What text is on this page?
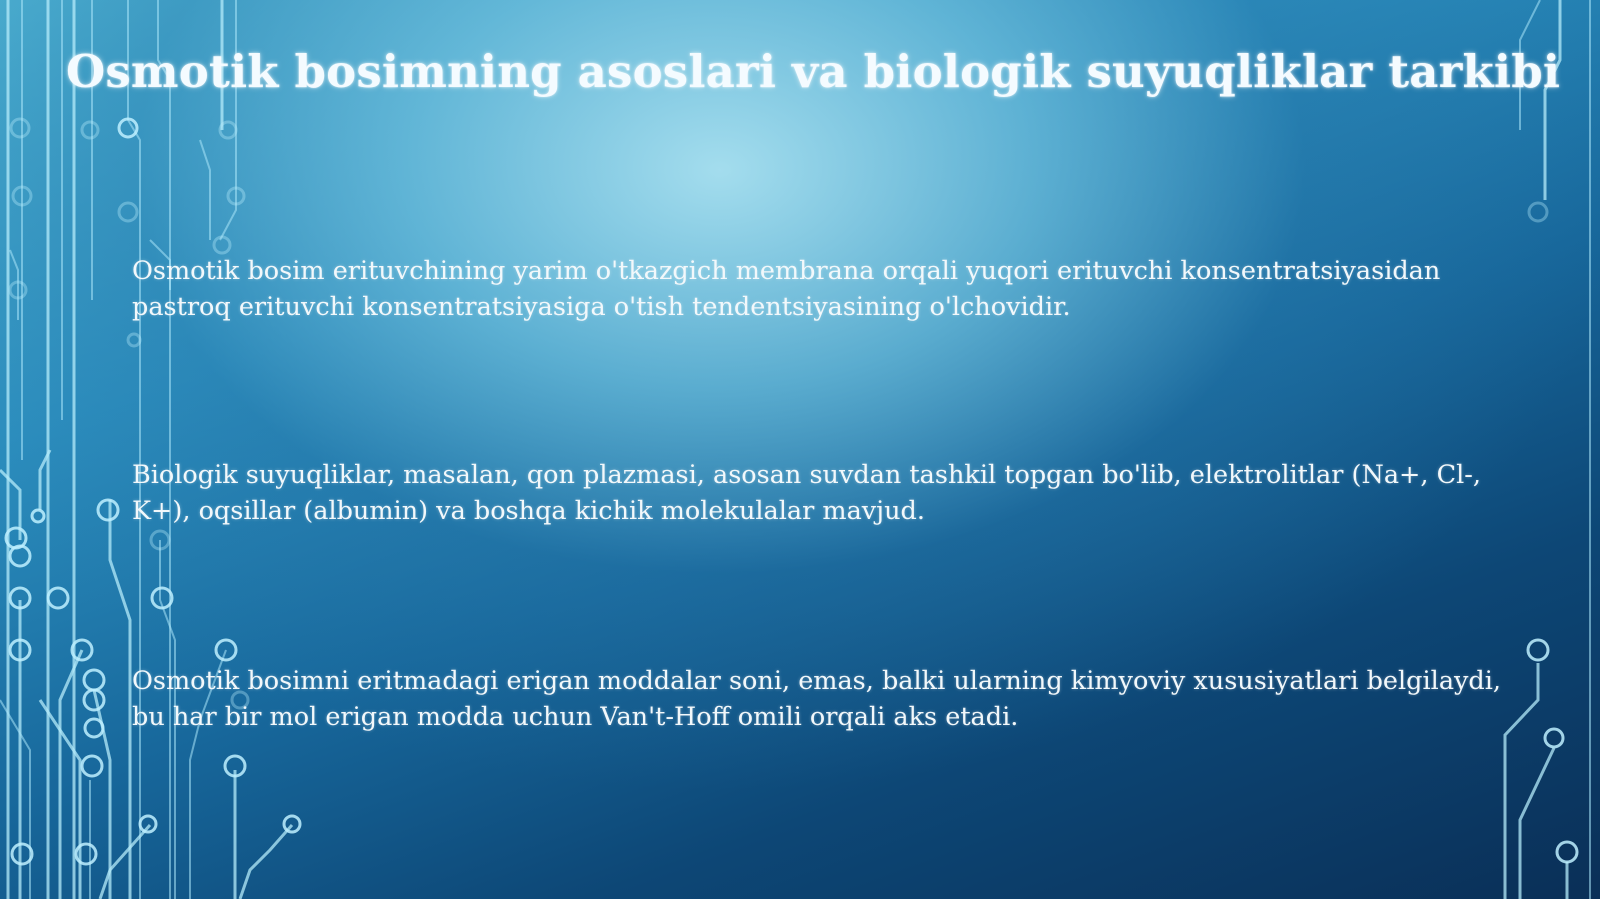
Osmotik bosimning asoslari va biologik suyuqliklar tarkibi

Osmotik bosim erituvchining yarim o'tkazgich membrana orqali yuqori erituvchi konsentratsiyasidan pastroq erituvchi konsentratsiyasiga o'tish tendentsiyasining o'lchovidir.

Biologik suyuqliklar, masalan, qon plazmasi, asosan suvdan tashkil topgan bo'lib, elektrolitlar (Na+, Cl-, K+), oqsillar (albumin) va boshqa kichik molekulalar mavjud.

Osmotik bosimni eritmadagi erigan moddalar soni, emas, balki ularning kimyoviy xususiyatlari belgilaydi, bu har bir mol erigan modda uchun Van't-Hoff omili orqali aks etadi.
